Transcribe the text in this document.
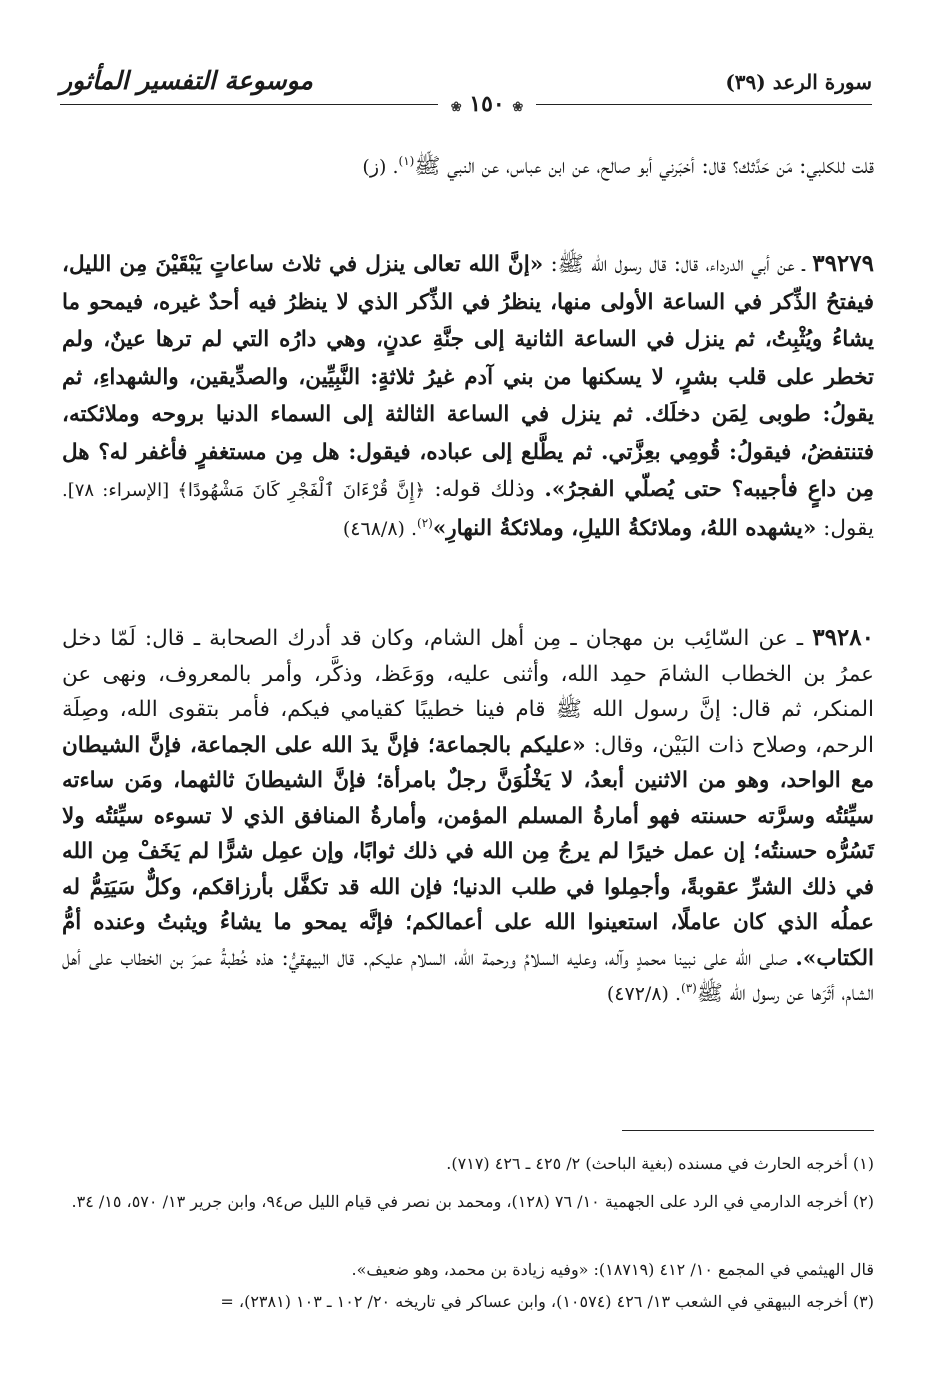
سورة الرعد (٣٩)
موسوعة التفسير المأثور
❀ ١٥٠ ❀

قلت للكلبي: مَن حَدَّثك؟ قال: أخبَرني أبو صالح، عن ابن عباس، عن النبي ﷺ$^{(١)}$. (ز)

٣٩٢٧٩ ـ عن أبي الدرداء، قال: قال رسول الله ﷺ: «إنَّ الله تعالى ينزل في ثلاث ساعاتٍ يَبْقَيْنَ مِن الليل، فيفتحُ الذِّكر في الساعة الأولى منها، ينظرُ في الذِّكر الذي لا ينظرُ فيه أحدٌ غيره، فيمحو ما يشاءُ ويُثْبِتُ، ثم ينزل في الساعة الثانية إلى جنَّةِ عدنٍ، وهي دارُه التي لم ترها عينٌ، ولم تخطر على قلب بشرٍ، لا يسكنها من بني آدم غيرُ ثلاثةٍ: النَّبِيِّين، والصدِّيقين، والشهداءِ، ثم يقولُ: طوبى لِمَن دخلَك. ثم ينزل في الساعة الثالثة إلى السماء الدنيا بروحه وملائكته، فتنتفضُ، فيقولُ: قُومِي بعِزَّتي. ثم يطَّلع إلى عباده، فيقول: هل مِن مستغفرٍ فأغفر له؟ هل مِن داعٍ فأجيبه؟ حتى يُصلّي الفجرُ». وذلك قوله: ﴿إِنَّ قُرْءَانَ ٱلْفَجْرِ كَانَ مَشْهُودًا﴾ [الإسراء: ٧٨]. يقول: «يشهده اللهُ، وملائكةُ الليلِ، وملائكةُ النهارِ»$^{(٢)}$. (٤٦٨/٨)

٣٩٢٨٠ ـ عن السّائِب بن مهجان ـ مِن أهل الشام، وكان قد أدرك الصحابة ـ قال: لَمّا دخل عمرُ بن الخطاب الشامَ حمِد الله، وأثنى عليه، ووَعَظ، وذكَّر، وأمر بالمعروف، ونهى عن المنكر، ثم قال: إنَّ رسول الله ﷺ قام فينا خطيبًا كقيامي فيكم، فأمر بتقوى الله، وصِلَة الرحم، وصلاح ذات البَيْن، وقال: «عليكم بالجماعة؛ فإنَّ يدَ الله على الجماعة، فإنَّ الشيطان مع الواحد، وهو من الاثنين أبعدُ، لا يَخْلُوَنَّ رجلٌ بامرأة؛ فإنَّ الشيطانَ ثالثهما، ومَن ساءته سيِّئتُه وسرَّته حسنته فهو أمارةُ المسلم المؤمن، وأمارةُ المنافق الذي لا تسوءه سيِّئتُه ولا تَسُرُّه حسنتُه؛ إن عمل خيرًا لم يرجُ مِن الله في ذلك ثوابًا، وإن عمِل شرًّا لم يَخَفْ مِن الله في ذلك الشرِّ عقوبةً، وأجمِلوا في طلب الدنيا؛ فإن الله قد تكفَّل بأرزاقكم، وكلٌّ سَيَتِمُّ له عملُه الذي كان عاملًا، استعينوا الله على أعمالكم؛ فإنَّه يمحو ما يشاءُ ويثبتُ وعنده أمُّ الكتاب». صلى الله على نبينا محمدٍ وآله، وعليه السلامُ ورحمة الله، السلام عليكم. قال البيهقيُّ: هذه خُطبةُ عمرَ بن الخطاب على أهل الشام، أثَرَها عن رسول الله ﷺ$^{(٣)}$. (٤٧٢/٨)

(١) أخرجه الحارث في مسنده (بغية الباحث) ٢/ ٤٢٥ ـ ٤٢٦ (٧١٧).
(٢) أخرجه الدارمي في الرد على الجهمية ١٠/ ٧٦ (١٢٨)، ومحمد بن نصر في قيام الليل ص٩٤، وابن جرير ١٣/ ٥٧٠، ١٥/ ٣٤.
قال الهيثمي في المجمع ١٠/ ٤١٢ (١٨٧١٩): «وفيه زيادة بن محمد، وهو ضعيف».
(٣) أخرجه البيهقي في الشعب ١٣/ ٤٢٦ (١٠٥٧٤)، وابن عساكر في تاريخه ٢٠/ ١٠٢ ـ ١٠٣ (٢٣٨١)، =
